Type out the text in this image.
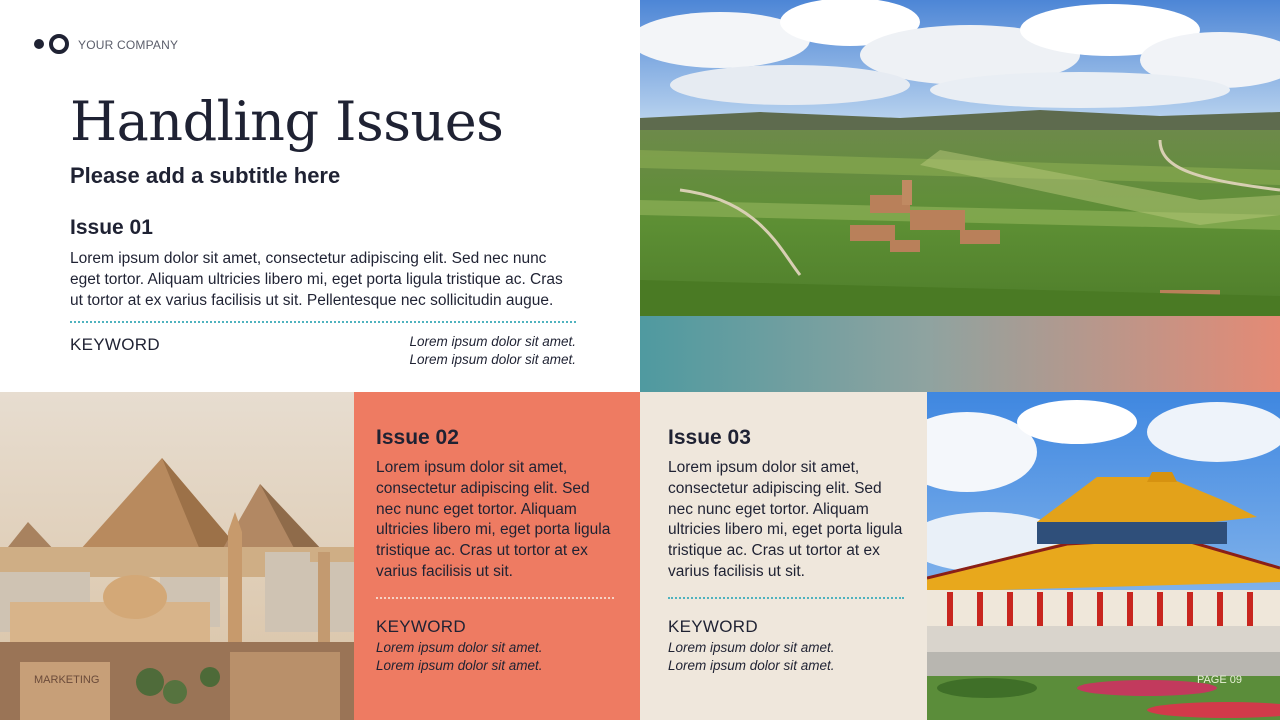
YOUR COMPANY
Handling Issues
Please add a subtitle here
Issue 01

Lorem ipsum dolor sit amet, consectetur adipiscing elit. Sed nec nunc eget tortor. Aliquam ultricies libero mi, eget porta ligula tristique ac. Cras ut tortor at ex varius facilisis ut sit. Pellentesque nec sollicitudin augue.

KEYWORD	Lorem ipsum dolor sit amet.
Lorem ipsum dolor sit amet.
MARKETING
Issue 02

Lorem ipsum dolor sit amet, consectetur adipiscing elit. Sed nec nunc eget tortor. Aliquam ultricies libero mi, eget porta ligula tristique ac. Cras ut tortor at ex varius facilisis ut sit.

KEYWORD
Lorem ipsum dolor sit amet.
Lorem ipsum dolor sit amet.
Issue 03

Lorem ipsum dolor sit amet, consectetur adipiscing elit. Sed nec nunc eget tortor. Aliquam ultricies libero mi, eget porta ligula tristique ac. Cras ut tortor at ex varius facilisis ut sit.

KEYWORD
Lorem ipsum dolor sit amet.
Lorem ipsum dolor sit amet.
PAGE 09
